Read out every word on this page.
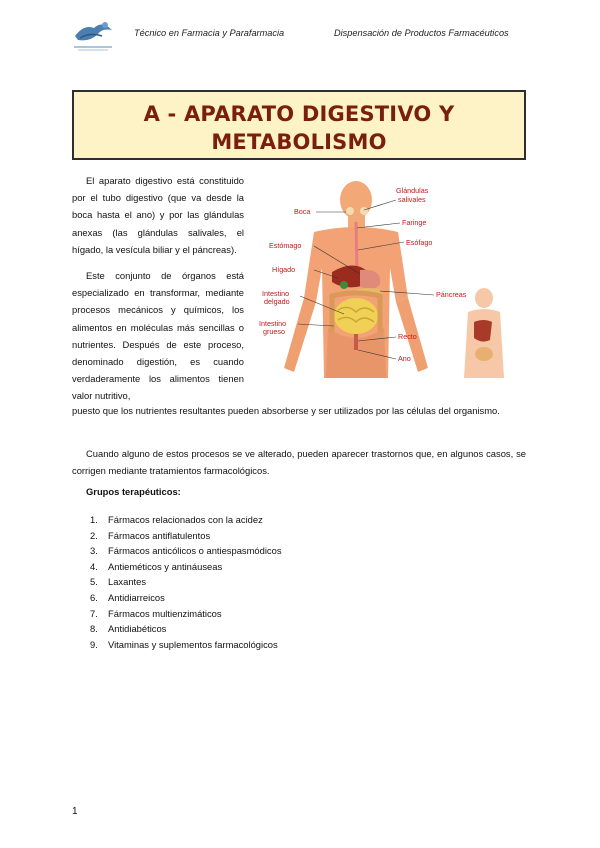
Técnico en Farmacia y Parafarmacia	Dispensación de Productos Farmacéuticos
A - APARATO DIGESTIVO Y
METABOLISMO

El aparato digestivo está constituido por el tubo digestivo (que va desde la boca hasta el ano) y por las glándulas anexas (las glándulas salivales, el hígado, la vesícula biliar y el páncreas).

Este conjunto de órganos está especializado en transformar, mediante procesos mecánicos y químicos, los alimentos en moléculas más sencillas o nutrientes. Después de este proceso, denominado digestión, es cuando verdaderamente los alimentos tienen valor nutritivo,

Glándulas
salivales
Boca
Faringe
Estómago	Esófago
Hígado
Páncreas
Intestino
delgado
Intestino
grueso
Recto
Ano

puesto que los nutrientes resultantes pueden absorberse y ser utilizados por las células del organismo.

Cuando alguno de estos procesos se ve alterado, pueden aparecer trastornos que, en algunos casos, se corrigen mediante tratamientos farmacológicos.

Grupos terapéuticos:

1. Fármacos relacionados con la acidez
2. Fármacos antiflatulentos
3. Fármacos anticólicos o antiespasmódicos
4. Antieméticos y antináuseas
5. Laxantes
6. Antidiarreicos
7. Fármacos multienzimáticos
8. Antidiabéticos
9. Vitaminas y suplementos farmacológicos
1
